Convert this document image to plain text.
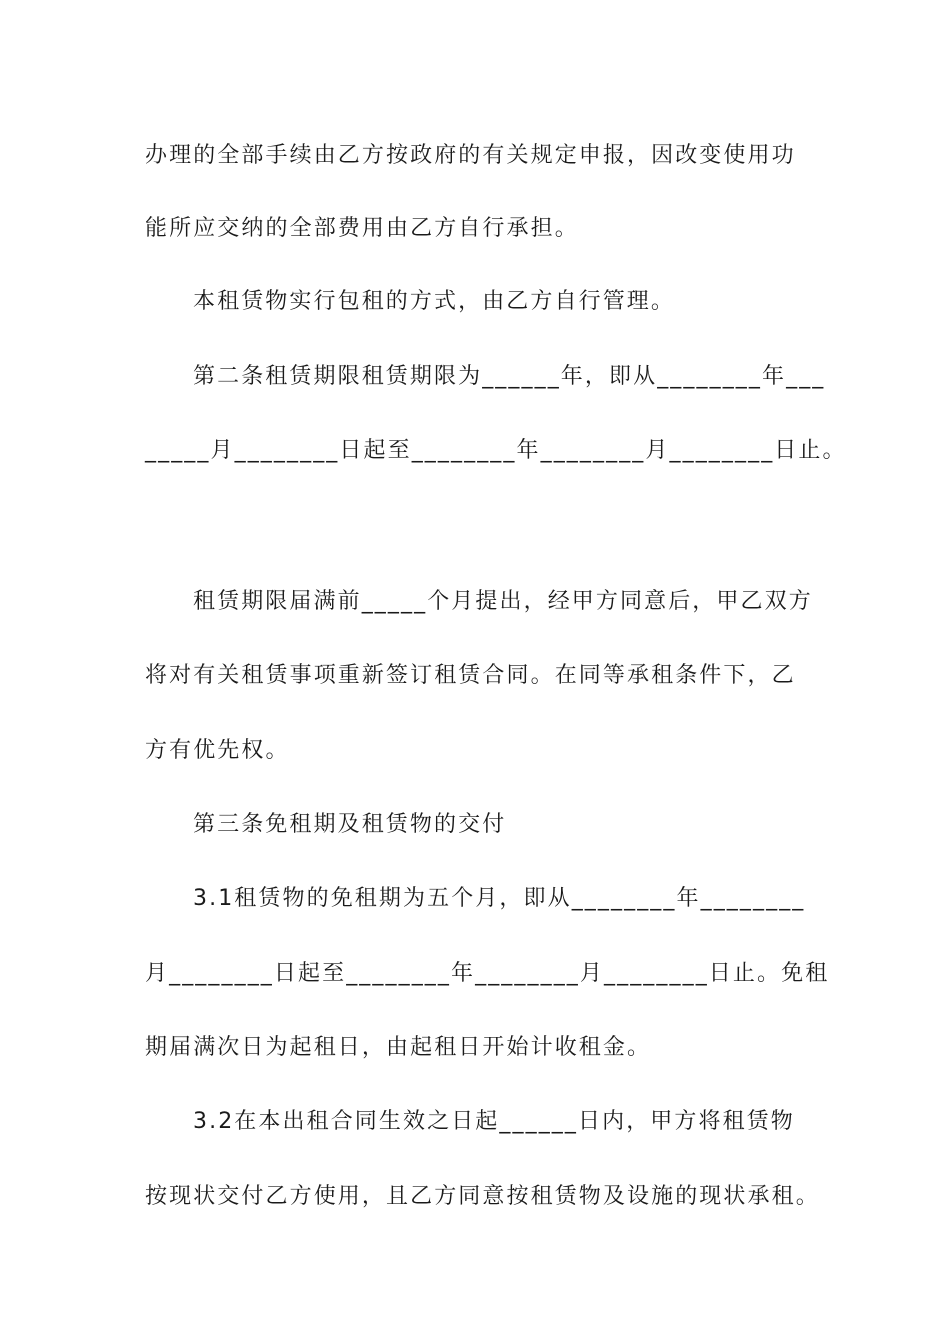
办理的全部手续由乙方按政府的有关规定申报，因改变使用功
能所应交纳的全部费用由乙方自行承担。
本租赁物实行包租的方式，由乙方自行管理。
第二条租赁期限租赁期限为______年，即从________年___
_____月________日起至________年________月________日止。
租赁期限届满前_____个月提出，经甲方同意后，甲乙双方
将对有关租赁事项重新签订租赁合同。在同等承租条件下，乙
方有优先权。
第三条免租期及租赁物的交付
3.1租赁物的免租期为五个月，即从________年________
月________日起至________年________月________日止。免租
期届满次日为起租日，由起租日开始计收租金。
3.2在本出租合同生效之日起______日内，甲方将租赁物
按现状交付乙方使用，且乙方同意按租赁物及设施的现状承租。
